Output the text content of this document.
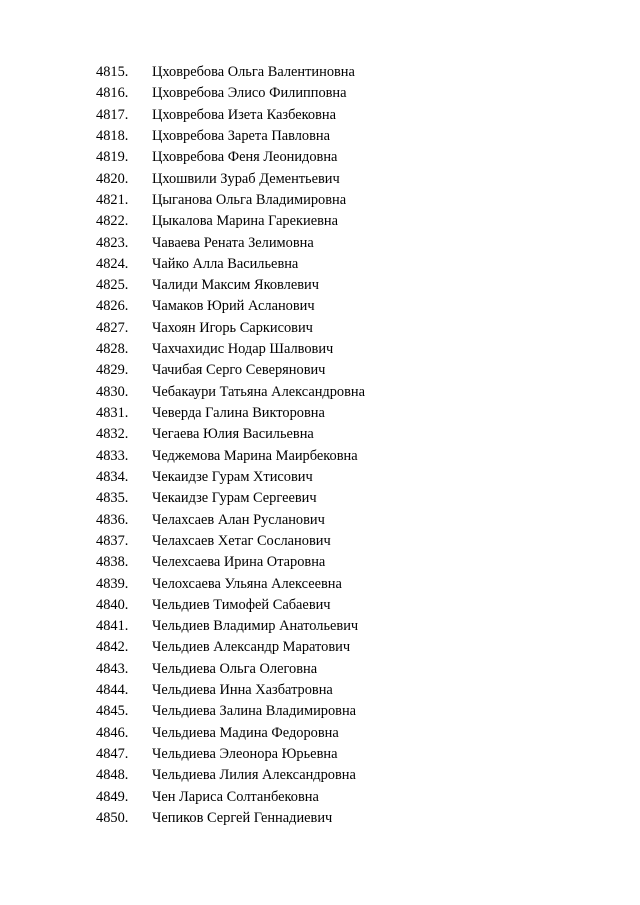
4815.	Цховребова Ольга Валентиновна
4816.	Цховребова Элисо Филипповна
4817.	Цховребова Изета Казбековна
4818.	Цховребова Зарета Павловна
4819.	Цховребова Феня Леонидовна
4820.	Цхошвили Зураб Дементьевич
4821.	Цыганова Ольга Владимировна
4822.	Цыкалова Марина Гарекиевна
4823.	Чаваева Рената Зелимовна
4824.	Чайко Алла Васильевна
4825.	Чалиди Максим Яковлевич
4826.	Чамаков Юрий Асланович
4827.	Чахоян Игорь Саркисович
4828.	Чахчахидис Нодар Шалвович
4829.	Чачибая Серго Северянович
4830.	Чебакаури Татьяна Александровна
4831.	Чеверда Галина Викторовна
4832.	Чегаева Юлия Васильевна
4833.	Чеджемова Марина Маирбековна
4834.	Чекаидзе Гурам Хтисович
4835.	Чекаидзе Гурам Сергеевич
4836.	Челахсаев Алан Русланович
4837.	Челахсаев Хетаг Сосланович
4838.	Челехсаева Ирина Отаровна
4839.	Челохсаева Ульяна Алексеевна
4840.	Чельдиев Тимофей Сабаевич
4841.	Чельдиев Владимир Анатольевич
4842.	Чельдиев Александр Маратович
4843.	Чельдиева Ольга Олеговна
4844.	Чельдиева Инна Хазбатровна
4845.	Чельдиева Залина Владимировна
4846.	Чельдиева Мадина Федоровна
4847.	Чельдиева Элеонора Юрьевна
4848.	Чельдиева Лилия Александровна
4849.	Чен Лариса Солтанбековна
4850.	Чепиков Сергей Геннадиевич
